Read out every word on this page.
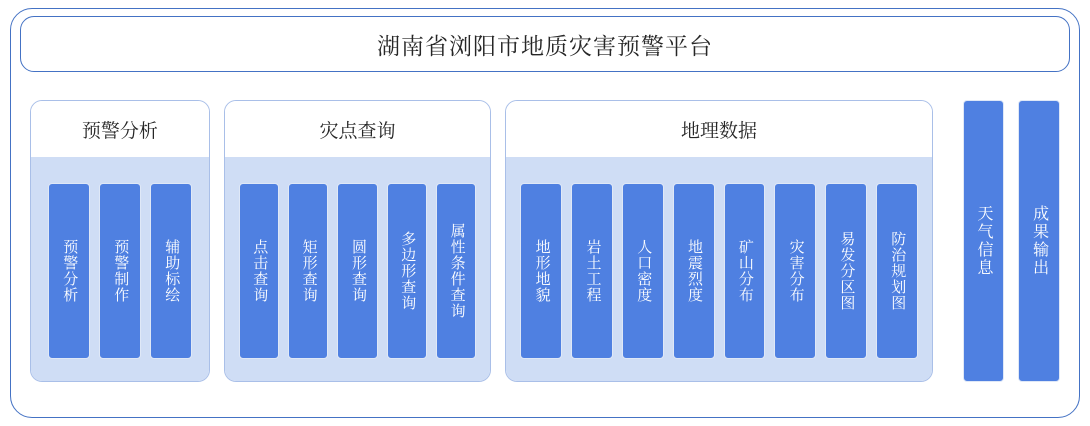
湖南省浏阳市地质灾害预警平台
预警分析
预警分析 预警制作 辅助标绘
灾点查询
点击查询 矩形查询 圆形查询 多边形查询 属性条件查询
地理数据
地形地貌 岩土工程 人口密度 地震烈度 矿山分布 灾害分布 易发分区图 防治规划图	天气信息 成果输出
